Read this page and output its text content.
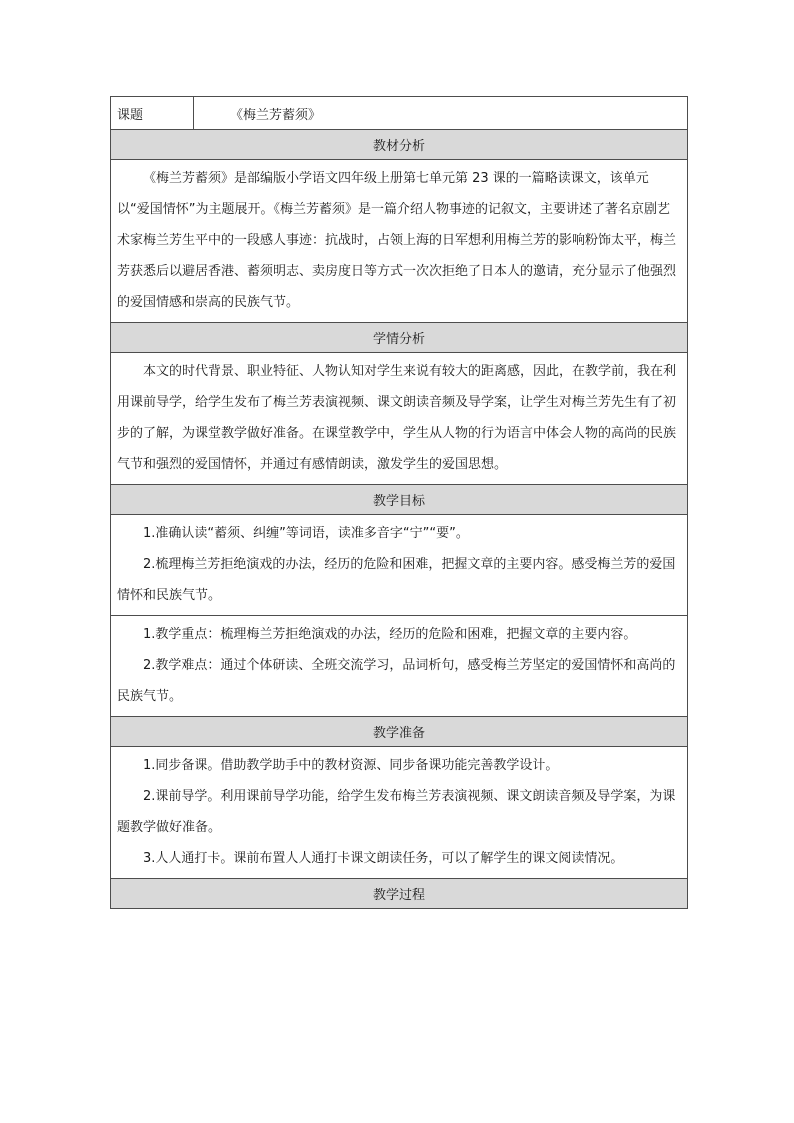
课题	《梅兰芳蓄须》
教材分析

《梅兰芳蓄须》是部编版小学语文四年级上册第七单元第 23 课的一篇略读课文，该单元以“爱国情怀”为主题展开。《梅兰芳蓄须》是一篇介绍人物事迹的记叙文，主要讲述了著名京剧艺术家梅兰芳生平中的一段感人事迹：抗战时，占领上海的日军想利用梅兰芳的影响粉饰太平，梅兰芳获悉后以避居香港、蓄须明志、卖房度日等方式一次次拒绝了日本人的邀请，充分显示了他强烈的爱国情感和崇高的民族气节。

学情分析

本文的时代背景、职业特征、人物认知对学生来说有较大的距离感，因此，在教学前，我在利用课前导学，给学生发布了梅兰芳表演视频、课文朗读音频及导学案，让学生对梅兰芳先生有了初步的了解，为课堂教学做好准备。在课堂教学中，学生从人物的行为语言中体会人物的高尚的民族气节和强烈的爱国情怀，并通过有感情朗读，激发学生的爱国思想。

教学目标

1.准确认读“蓄须、纠缠”等词语，读准多音字“宁”“要”。

2.梳理梅兰芳拒绝演戏的办法，经历的危险和困难，把握文章的主要内容。感受梅兰芳的爱国情怀和民族气节。

1.教学重点：梳理梅兰芳拒绝演戏的办法，经历的危险和困难，把握文章的主要内容。

2.教学难点：通过个体研读、全班交流学习，品词析句，感受梅兰芳坚定的爱国情怀和高尚的民族气节。

教学准备

1.同步备课。借助教学助手中的教材资源、同步备课功能完善教学设计。

2.课前导学。利用课前导学功能，给学生发布梅兰芳表演视频、课文朗读音频及导学案，为课题教学做好准备。

3.人人通打卡。课前布置人人通打卡课文朗读任务，可以了解学生的课文阅读情况。

教学过程
